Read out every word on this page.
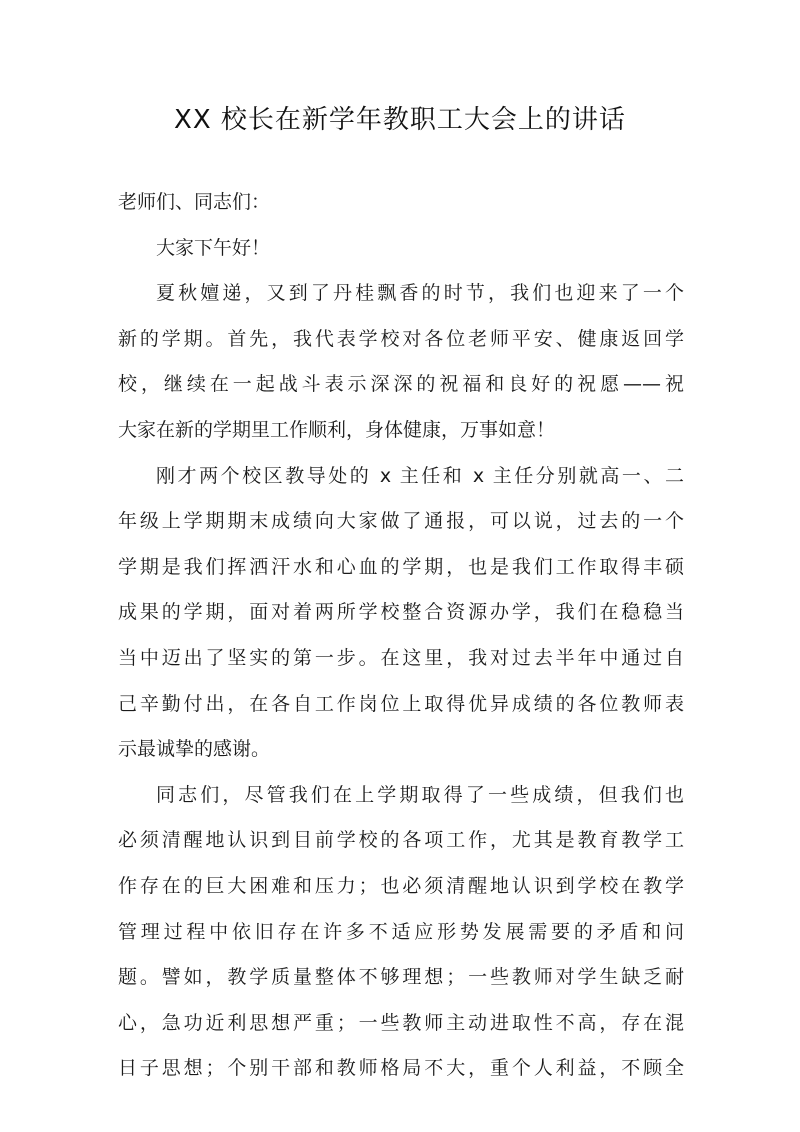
XX 校长在新学年教职工大会上的讲话
老师们、同志们：
大家下午好！
夏秋嬗递，又到了丹桂飘香的时节，我们也迎来了一个
新的学期。首先，我代表学校对各位老师平安、健康返回学
校，继续在一起战斗表示深深的祝福和良好的祝愿——祝
大家在新的学期里工作顺利，身体健康，万事如意！
刚才两个校区教导处的 x 主任和 x 主任分别就高一、二
年级上学期期末成绩向大家做了通报，可以说，过去的一个
学期是我们挥洒汗水和心血的学期，也是我们工作取得丰硕
成果的学期，面对着两所学校整合资源办学，我们在稳稳当
当中迈出了坚实的第一步。在这里，我对过去半年中通过自
己辛勤付出，在各自工作岗位上取得优异成绩的各位教师表
示最诚挚的感谢。
同志们，尽管我们在上学期取得了一些成绩，但我们也
必须清醒地认识到目前学校的各项工作，尤其是教育教学工
作存在的巨大困难和压力；也必须清醒地认识到学校在教学
管理过程中依旧存在许多不适应形势发展需要的矛盾和问
题。譬如，教学质量整体不够理想；一些教师对学生缺乏耐
心，急功近利思想严重；一些教师主动进取性不高，存在混
日子思想；个别干部和教师格局不大，重个人利益，不顾全
